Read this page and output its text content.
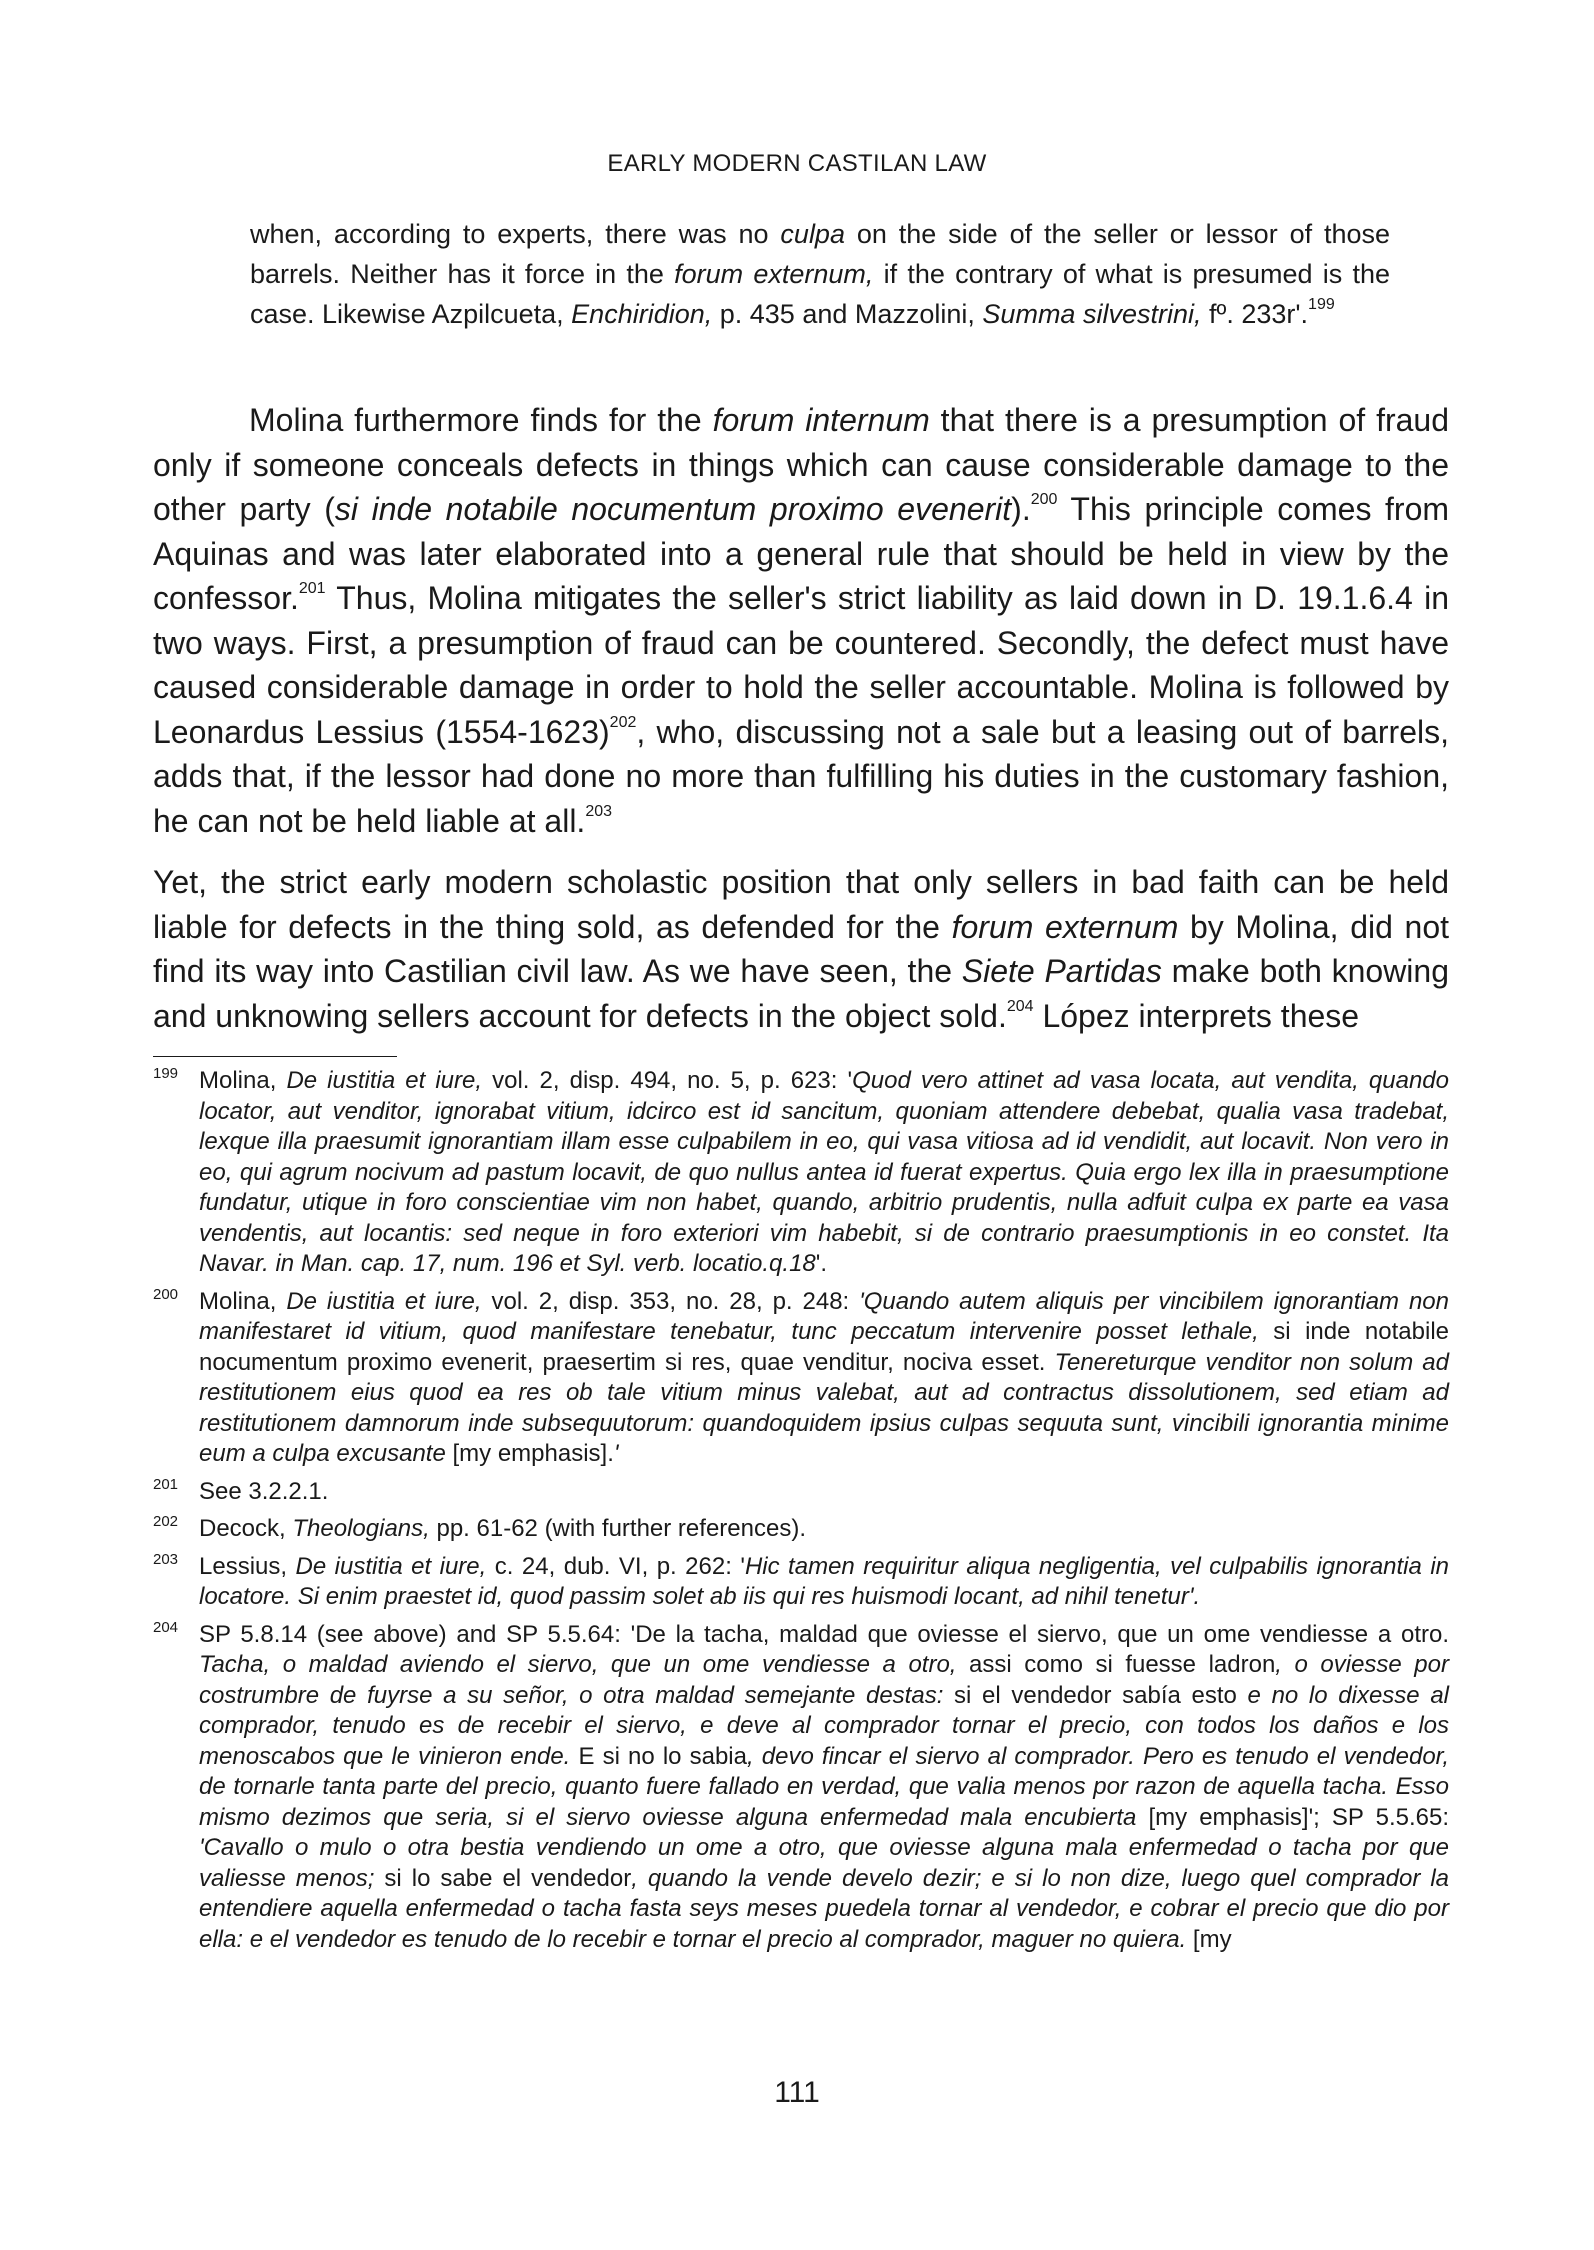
EARLY MODERN CASTILAN LAW

when, according to experts, there was no culpa on the side of the seller or lessor of those barrels. Neither has it force in the forum externum, if the contrary of what is presumed is the case. Likewise Azpilcueta, Enchiridion, p. 435 and Mazzolini, Summa silvestrini, fº. 233r'.$^{199}$

Molina furthermore finds for the forum internum that there is a presumption of fraud only if someone conceals defects in things which can cause considerable damage to the other party (si inde notabile nocumentum proximo evenerit).$^{200}$ This principle comes from Aquinas and was later elaborated into a general rule that should be held in view by the confessor.$^{201}$ Thus, Molina mitigates the seller's strict liability as laid down in D. 19.1.6.4 in two ways. First, a presumption of fraud can be countered. Secondly, the defect must have caused considerable damage in order to hold the seller accountable. Molina is followed by Leonardus Lessius (1554-1623)$^{202}$, who, discussing not a sale but a leasing out of barrels, adds that, if the lessor had done no more than fulfilling his duties in the customary fashion, he can not be held liable at all.$^{203}$

Yet, the strict early modern scholastic position that only sellers in bad faith can be held liable for defects in the thing sold, as defended for the forum externum by Molina, did not find its way into Castilian civil law. As we have seen, the Siete Partidas make both knowing and unknowing sellers account for defects in the object sold.$^{204}$ López interprets these

199 Molina, De iustitia et iure, vol. 2, disp. 494, no. 5, p. 623: 'Quod vero attinet ad vasa locata, aut vendita, quando locator, aut venditor, ignorabat vitium, idcirco est id sancitum, quoniam attendere debebat, qualia vasa tradebat, lexque illa praesumit ignorantiam illam esse culpabilem in eo, qui vasa vitiosa ad id vendidit, aut locavit. Non vero in eo, qui agrum nocivum ad pastum locavit, de quo nullus antea id fuerat expertus. Quia ergo lex illa in praesumptione fundatur, utique in foro conscientiae vim non habet, quando, arbitrio prudentis, nulla adfuit culpa ex parte ea vasa vendentis, aut locantis: sed neque in foro exteriori vim habebit, si de contrario praesumptionis in eo constet. Ita Navar. in Man. cap. 17, num. 196 et Syl. verb. locatio.q.18'.

200 Molina, De iustitia et iure, vol. 2, disp. 353, no. 28, p. 248: 'Quando autem aliquis per vincibilem ignorantiam non manifestaret id vitium, quod manifestare tenebatur, tunc peccatum intervenire posset lethale, si inde notabile nocumentum proximo evenerit, praesertim si res, quae venditur, nociva esset. Tenereturque venditor non solum ad restitutionem eius quod ea res ob tale vitium minus valebat, aut ad contractus dissolutionem, sed etiam ad restitutionem damnorum inde subsequutorum: quandoquidem ipsius culpas sequuta sunt, vincibili ignorantia minime eum a culpa excusante [my emphasis].'

201 See 3.2.2.1.

202 Decock, Theologians, pp. 61-62 (with further references).

203 Lessius, De iustitia et iure, c. 24, dub. VI, p. 262: 'Hic tamen requiritur aliqua negligentia, vel culpabilis ignorantia in locatore. Si enim praestet id, quod passim solet ab iis qui res huismodi locant, ad nihil tenetur'.

204 SP 5.8.14 (see above) and SP 5.5.64: 'De la tacha, maldad que oviesse el siervo, que un ome vendiesse a otro. Tacha, o maldad aviendo el siervo, que un ome vendiesse a otro, assi como si fuesse ladron, o oviesse por costrumbre de fuyrse a su señor, o otra maldad semejante destas: si el vendedor sabía esto e no lo dixesse al comprador, tenudo es de recebir el siervo, e deve al comprador tornar el precio, con todos los daños e los menoscabos que le vinieron ende. E si no lo sabia, devo fincar el siervo al comprador. Pero es tenudo el vendedor, de tornarle tanta parte del precio, quanto fuere fallado en verdad, que valia menos por razon de aquella tacha. Esso mismo dezimos que seria, si el siervo oviesse alguna enfermedad mala encubierta [my emphasis]'; SP 5.5.65: 'Cavallo o mulo o otra bestia vendiendo un ome a otro, que oviesse alguna mala enfermedad o tacha por que valiesse menos; si lo sabe el vendedor, quando la vende develo dezir; e si lo non dize, luego quel comprador la entendiere aquella enfermedad o tacha fasta seys meses puedela tornar al vendedor, e cobrar el precio que dio por ella: e el vendedor es tenudo de lo recebir e tornar el precio al comprador, maguer no quiera. [my

111
